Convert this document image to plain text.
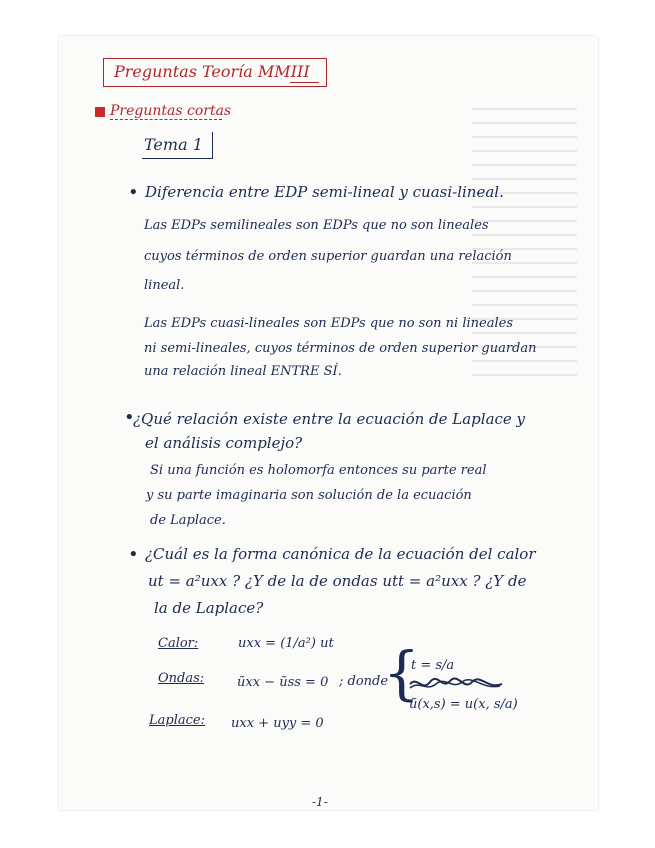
Preguntas Teoría MMIII
Preguntas cortas
Tema 1
• Diferencia entre EDP semi-lineal y cuasi-lineal.
Las EDPs semilineales son EDPs que no son lineales
cuyos términos de orden superior guardan una relación
lineal.
Las EDPs cuasi-lineales son EDPs que no son ni lineales
ni semi-lineales, cuyos términos de orden superior guardan
una relación lineal ENTRE SÍ.
•
¿Qué relación existe entre la ecuación de Laplace y
el análisis complejo?
Si una función es holomorfa entonces su parte real
y su parte imaginaria son solución de la ecuación
de Laplace.
• ¿Cuál es la forma canónica de la ecuación del calor
ut = a²uxx ? ¿Y de la de ondas utt = a²uxx ? ¿Y de
la de Laplace?
Calor:	uxx = (1/a²) ut
Ondas:	ũxx − ũss = 0 ; donde
{
t = s/a
ũ(x,s) = u(x, s/a)
Laplace: uxx + uyy = 0
-1-
